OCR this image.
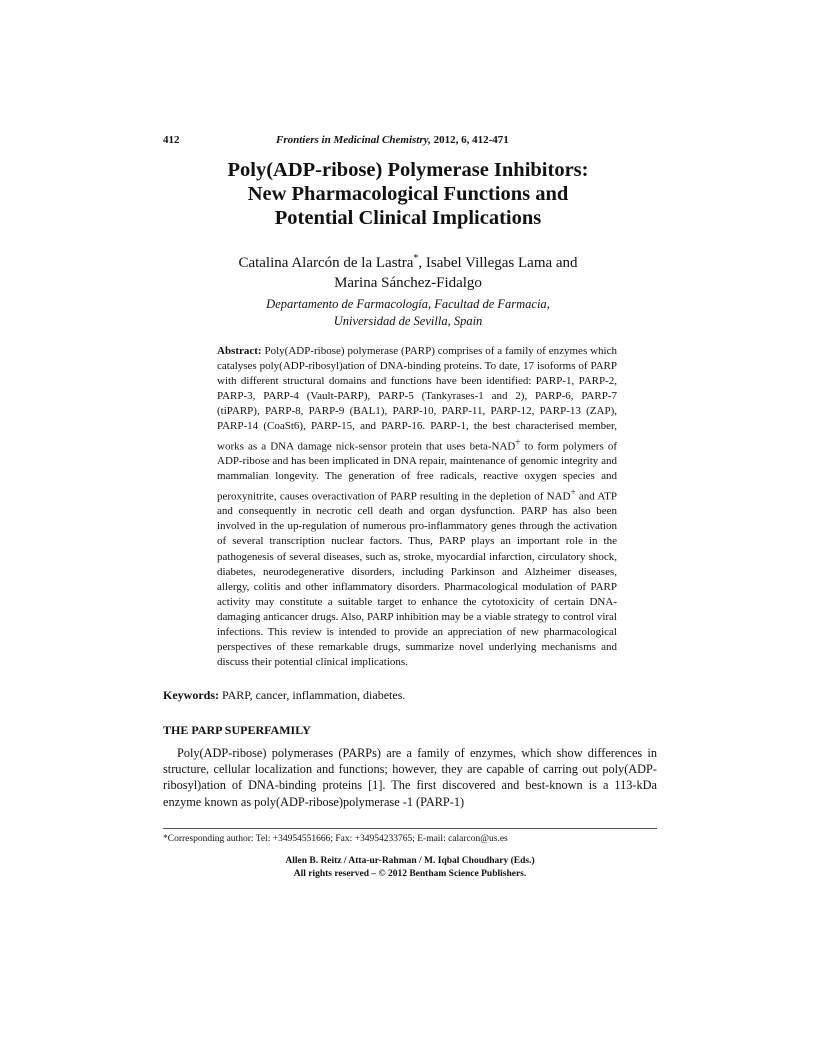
412	Frontiers in Medicinal Chemistry, 2012, 6, 412-471
Poly(ADP-ribose) Polymerase Inhibitors:
New Pharmacological Functions and
Potential Clinical Implications
Catalina Alarcón de la Lastra*, Isabel Villegas Lama and
Marina Sánchez-Fidalgo
Departamento de Farmacología, Facultad de Farmacia,
Universidad de Sevilla, Spain
Abstract: Poly(ADP-ribose) polymerase (PARP) comprises of a family of enzymes which catalyses poly(ADP-ribosyl)ation of DNA-binding proteins. To date, 17 isoforms of PARP with different structural domains and functions have been identified: PARP-1, PARP-2, PARP-3, PARP-4 (Vault-PARP), PARP-5 (Tankyrases-1 and 2), PARP-6, PARP-7 (tiPARP), PARP-8, PARP-9 (BAL1), PARP-10, PARP-11, PARP-12, PARP-13 (ZAP), PARP-14 (CoaSt6), PARP-15, and PARP-16. PARP-1, the best characterised member, works as a DNA damage nick-sensor protein that uses beta-NAD+ to form polymers of ADP-ribose and has been implicated in DNA repair, maintenance of genomic integrity and mammalian longevity. The generation of free radicals, reactive oxygen species and peroxynitrite, causes overactivation of PARP resulting in the depletion of NAD+ and ATP and consequently in necrotic cell death and organ dysfunction. PARP has also been involved in the up-regulation of numerous pro-inflammatory genes through the activation of several transcription nuclear factors. Thus, PARP plays an important role in the pathogenesis of several diseases, such as, stroke, myocardial infarction, circulatory shock, diabetes, neurodegenerative disorders, including Parkinson and Alzheimer diseases, allergy, colitis and other inflammatory disorders. Pharmacological modulation of PARP activity may constitute a suitable target to enhance the cytotoxicity of certain DNA-damaging anticancer drugs. Also, PARP inhibition may be a viable strategy to control viral infections. This review is intended to provide an appreciation of new pharmacological perspectives of these remarkable drugs, summarize novel underlying mechanisms and discuss their potential clinical implications.
Keywords: PARP, cancer, inflammation, diabetes.
THE PARP SUPERFAMILY
Poly(ADP-ribose) polymerases (PARPs) are a family of enzymes, which show differences in structure, cellular localization and functions; however, they are capable of carring out poly(ADP-ribosyl)ation of DNA-binding proteins [1]. The first discovered and best-known is a 113-kDa enzyme known as poly(ADP-ribose)polymerase -1 (PARP-1)
*Corresponding author: Tel: +34954551666; Fax: +34954233765; E-mail: calarcon@us.es
Allen B. Reitz / Atta-ur-Rahman / M. Iqbal Choudhary (Eds.)
All rights reserved – © 2012 Bentham Science Publishers.
